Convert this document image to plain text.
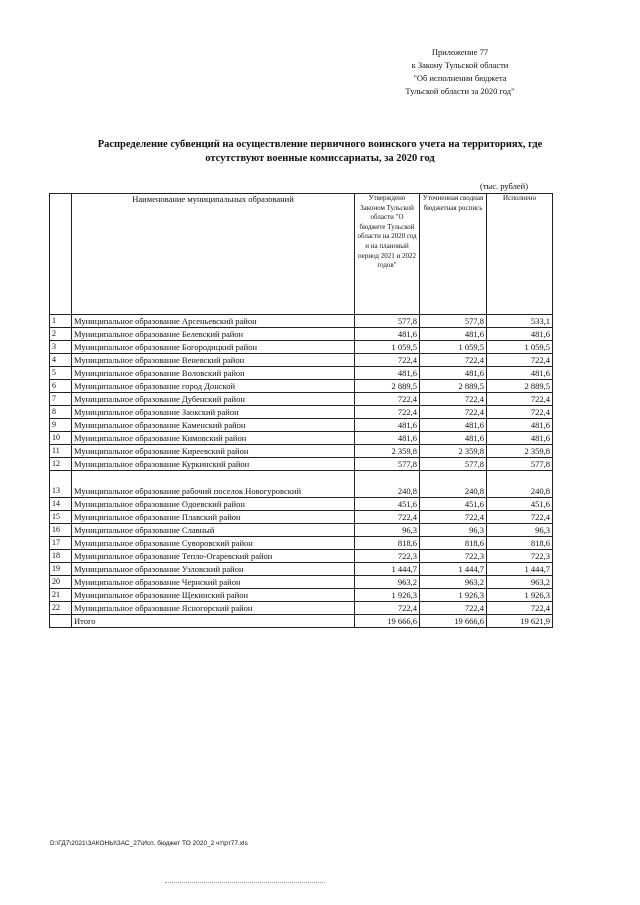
Приложение 77
к Закону Тульской области
"Об исполнении бюджета
Тульской области за 2020 год"
Распределение субвенций на осуществление первичного воинского учета на территориях, где
отсутствуют военные комиссариаты, за 2020 год
(тыс. рублей)
	Наименование муниципальных образований	Утверждено Законом Тульской области "О бюджете Тульской области на 2020 год и на плановый период 2021 и 2022 годов"	Уточненная сводная бюджетная роспись	Исполнено
1	Муниципальное образование Арсеньевский район	577,8	577,8	533,1
2	Муниципальное образование Белевский район	481,6	481,6	481,6
3	Муниципальное образование Богородицкий район	1 059,5	1 059,5	1 059,5
4	Муниципальное образование Веневский район	722,4	722,4	722,4
5	Муниципальное образование Воловский район	481,6	481,6	481,6
6	Муниципальное образование город Донской	2 889,5	2 889,5	2 889,5
7	Муниципальное образование Дубенский район	722,4	722,4	722,4
8	Муниципальное образование Заокский район	722,4	722,4	722,4
9	Муниципальное образование Каменский район	481,6	481,6	481,6
10	Муниципальное образование Кимовский район	481,6	481,6	481,6
11	Муниципальное образование Киреевский район	2 359,8	2 359,8	2 359,8
12	Муниципальное образование Куркинский район	577,8	577,8	577,8
13	Муниципальное образование рабочий поселок Новогуровский	240,8	240,8	240,8
14	Муниципальное образование Одоевский район	451,6	451,6	451,6
15	Муниципальное образование Плавский район	722,4	722,4	722,4
16	Муниципальное образование Славный	96,3	96,3	96,3
17	Муниципальное образование Суворовский район	818,6	818,6	818,6
18	Муниципальное образование Тепло-Огаревский район	722,3	722,3	722,3
19	Муниципальное образование Узловский район	1 444,7	1 444,7	1 444,7
20	Муниципальное образование Чернский район	963,2	963,2	963,2
21	Муниципальное образование Щекинский район	1 926,3	1 926,3	1 926,3
22	Муниципальное образование Ясногорский район	722,4	722,4	722,4
	Итого	19 666,6	19 666,6	19 621,9
D:\ГД7\2021\ЗАКОНЫ\ЗАС_27\Исп. бюджет ТО 2020_2 чт\рт77.xls
